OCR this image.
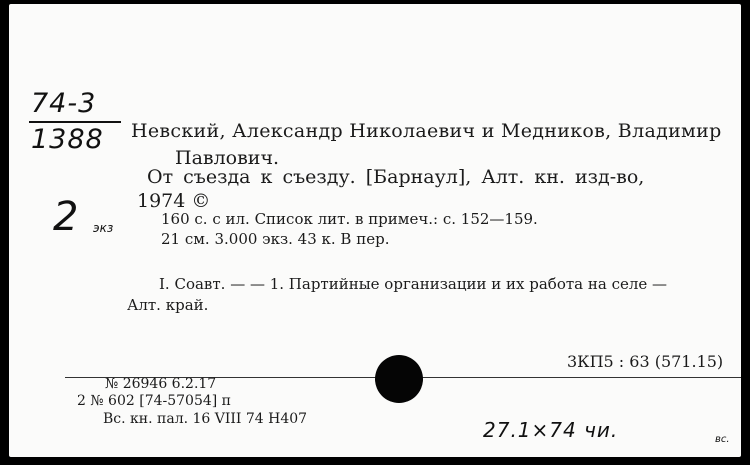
74-3
1388
2 экз
Невский, Александр Николаевич и Медников, Владимир
Павлович.
От съезда к съезду. [Барнаул], Алт. кн. изд-во,
1974 ©
160 с. с ил. Список лит. в примеч.: с. 152—159.
21 см. 3.000 экз. 43 к. В пер.
I. Соавт. — — 1. Партийные организации и их работа на селе —
Алт. край.
3КП5 : 63 (571.15)
№ 26946 6.2.17
2 № 602 [74-57054] п
Вс. кн. пал. 16 VIII 74 Н407	27.1×74 чи.	вс.
